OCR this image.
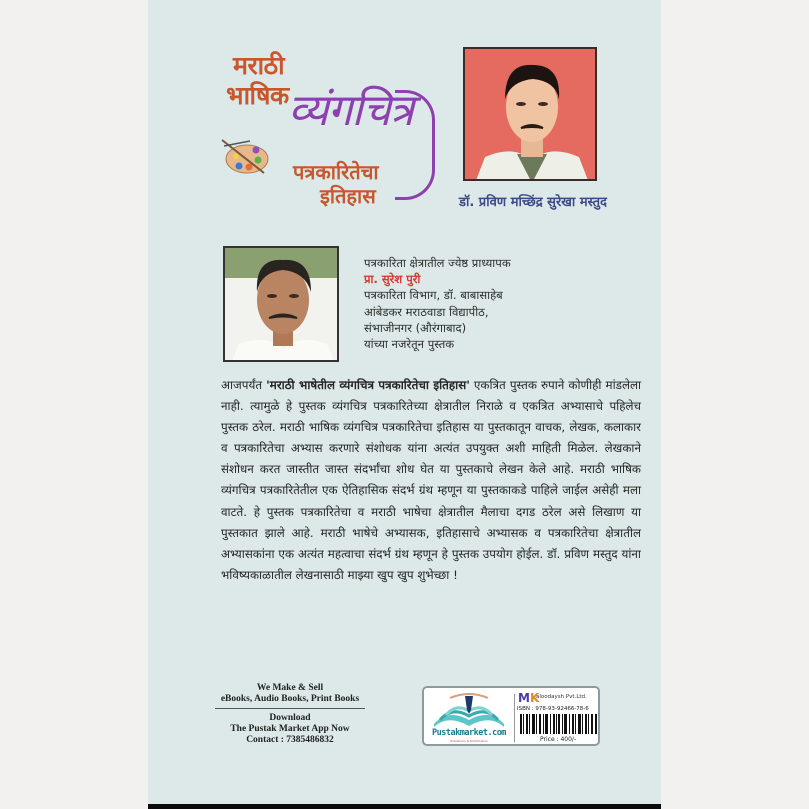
मराठी
भाषिक व्यंगचित्र
पत्रकारितेचा
इतिहास	डॉ. प्रविण मच्छिंद्र सुरेखा मस्तुद
पत्रकारिता क्षेत्रातील ज्येष्ठ प्राध्यापक
प्रा. सुरेश पुरी
पत्रकारिता विभाग, डॉ. बाबासाहेब
आंबेडकर मराठवाडा विद्यापीठ,
संभाजीनगर (औरंगाबाद)
यांच्या नजरेतून पुस्तक
आजपर्यंत 'मराठी भाषेतील व्यंगचित्र पत्रकारितेचा इतिहास' एकत्रित पुस्तक रुपाने कोणीही मांडलेला नाही. त्यामुळे हे पुस्तक व्यंगचित्र पत्रकारितेच्या क्षेत्रातील निराळे व एकत्रित अभ्यासाचे पहिलेच पुस्तक ठरेल. मराठी भाषिक व्यंगचित्र पत्रकारितेचा इतिहास या पुस्तकातून वाचक, लेखक, कलाकार व पत्रकारितेचा अभ्यास करणारे संशोधक यांना अत्यंत उपयुक्त अशी माहिती मिळेल. लेखकाने संशोधन करत जास्तीत जास्त संदर्भांचा शोध घेत या पुस्तकाचे लेखन केले आहे. मराठी भाषिक व्यंगचित्र पत्रकारितेतील एक ऐतिहासिक संदर्भ ग्रंथ म्हणून या पुस्तकाकडे पाहिले जाईल असेही मला वाटते. हे पुस्तक पत्रकारितेचा व मराठी भाषेचा क्षेत्रातील मैलाचा दगड ठरेल असे लिखाण या पुस्तकात झाले आहे. मराठी भाषेचे अभ्यासक, इतिहासाचे अभ्यासक व पत्रकारितेचा क्षेत्रातील अभ्यासकांना एक अत्यंत महत्वाचा संदर्भ ग्रंथ म्हणून हे पुस्तक उपयोग होईल. डॉ. प्रविण मस्तुद यांना भविष्यकाळातील लेखनासाठी माझ्या खुप खुप शुभेच्छा !
We Make & Sell
eBooks, Audio Books, Print Books
Download
The Pustak Market App Now
Contact : 7385486832
Pustakmarket.com
Publishers & Distributors
MK
aloodaysh Pvt.Ltd.
ISBN : 978-93-92466-78-6
Price : 400/-
